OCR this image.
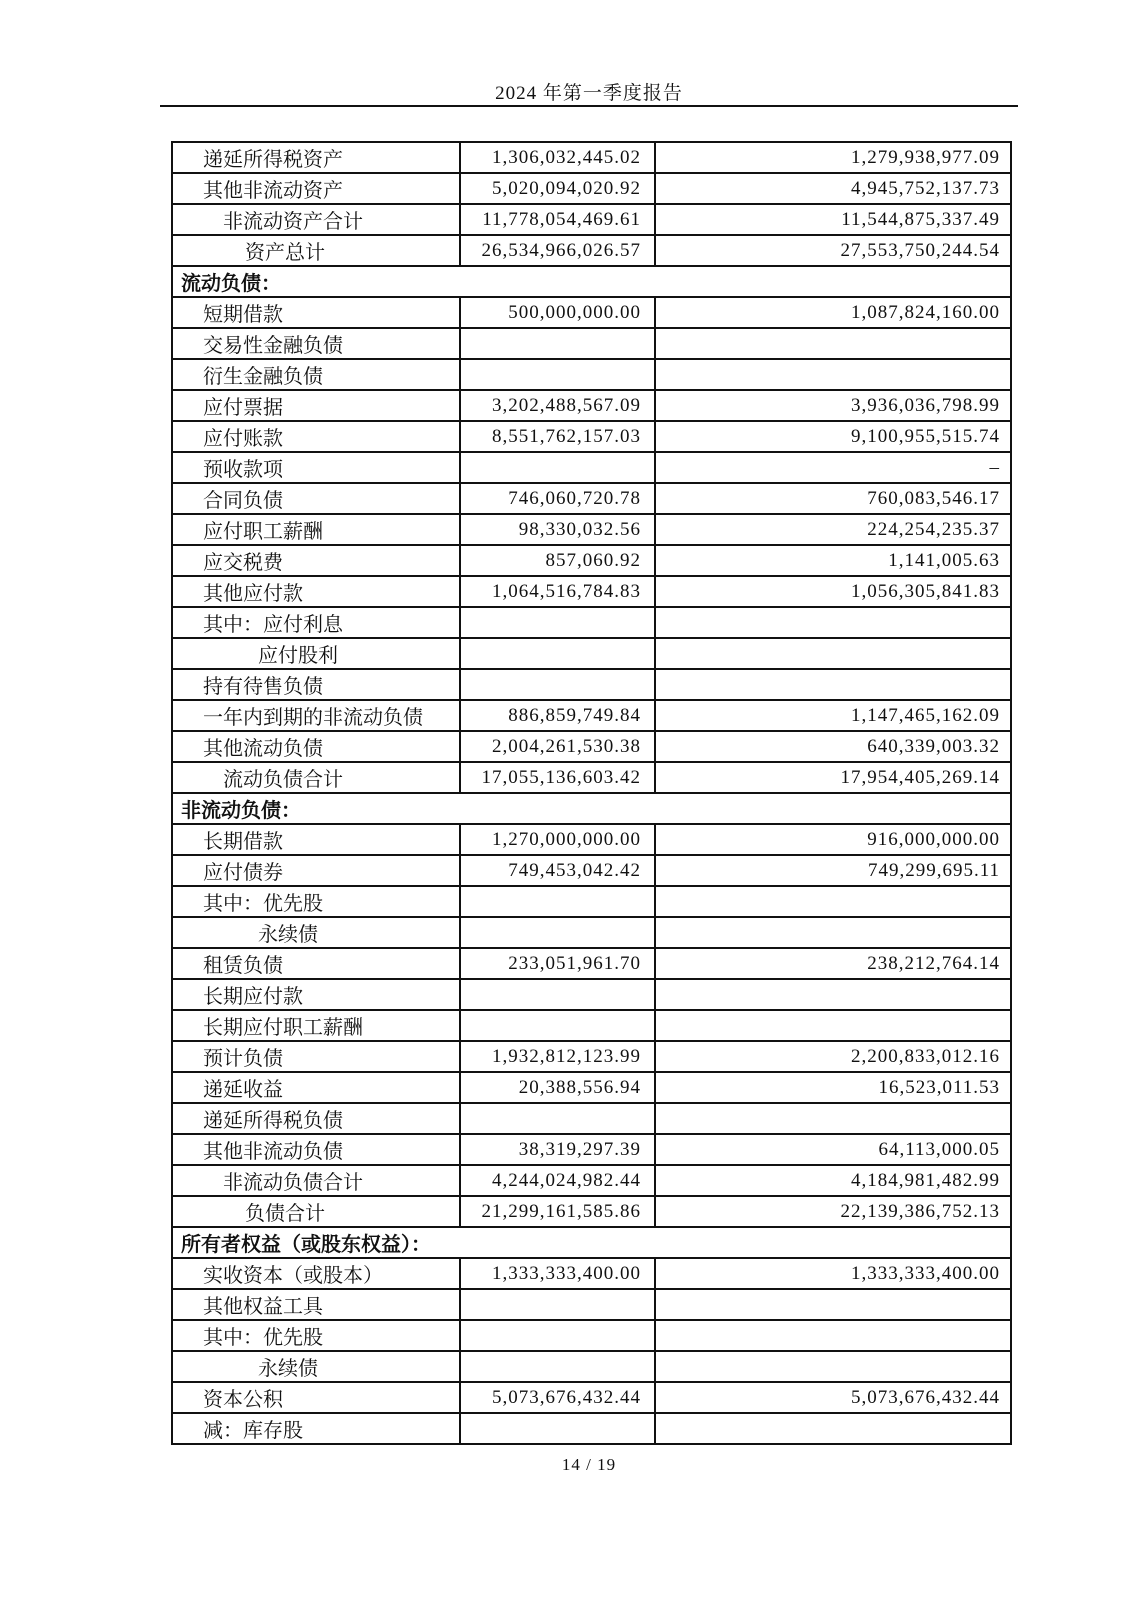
2024 年第一季度报告
递延所得税资产	1,306,032,445.02	1,279,938,977.09
其他非流动资产	5,020,094,020.92	4,945,752,137.73
非流动资产合计	11,778,054,469.61	11,544,875,337.49
资产总计	26,534,966,026.57	27,553,750,244.54
流动负债：		
短期借款	500,000,000.00	1,087,824,160.00
交易性金融负债		
衍生金融负债		
应付票据	3,202,488,567.09	3,936,036,798.99
应付账款	8,551,762,157.03	9,100,955,515.74
预收款项		–
合同负债	746,060,720.78	760,083,546.17
应付职工薪酬	98,330,032.56	224,254,235.37
应交税费	857,060.92	1,141,005.63
其他应付款	1,064,516,784.83	1,056,305,841.83
其中：应付利息		
应付股利		
持有待售负债		
一年内到期的非流动负债	886,859,749.84	1,147,465,162.09
其他流动负债	2,004,261,530.38	640,339,003.32
流动负债合计	17,055,136,603.42	17,954,405,269.14
非流动负债：		
长期借款	1,270,000,000.00	916,000,000.00
应付债券	749,453,042.42	749,299,695.11
其中：优先股		
永续债		
租赁负债	233,051,961.70	238,212,764.14
长期应付款		
长期应付职工薪酬		
预计负债	1,932,812,123.99	2,200,833,012.16
递延收益	20,388,556.94	16,523,011.53
递延所得税负债		
其他非流动负债	38,319,297.39	64,113,000.05
非流动负债合计	4,244,024,982.44	4,184,981,482.99
负债合计	21,299,161,585.86	22,139,386,752.13
所有者权益（或股东权益）：		
实收资本（或股本）	1,333,333,400.00	1,333,333,400.00
其他权益工具		
其中：优先股		
永续债		
资本公积	5,073,676,432.44	5,073,676,432.44
减：库存股		
14 / 19
